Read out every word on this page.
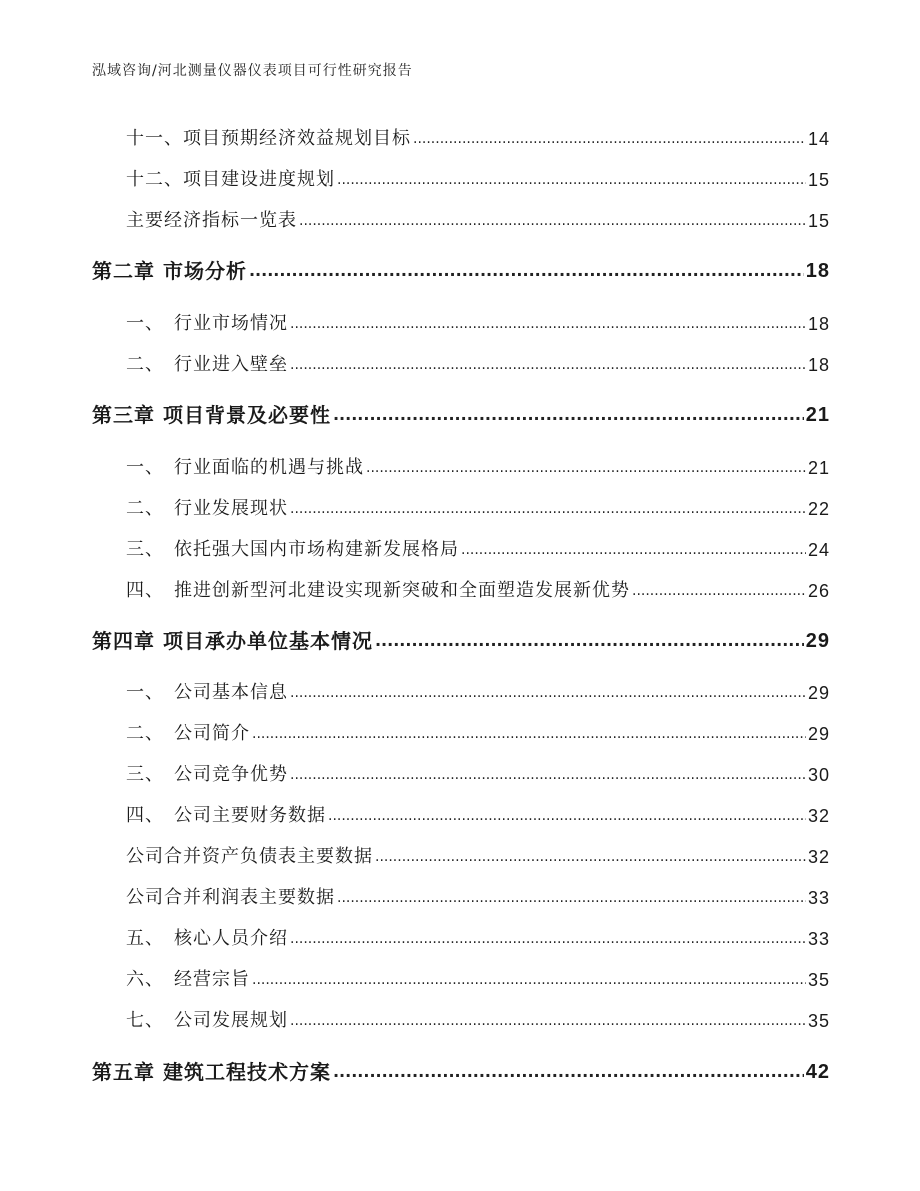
泓域咨询/河北测量仪器仪表项目可行性研究报告
十一、项目预期经济效益规划目标 .....	14
十二、项目建设进度规划 .....	15
主要经济指标一览表 .....	15
第二章 市场分析 .....	18
一、 行业市场情况 .....	18
二、 行业进入壁垒 .....	18
第三章 项目背景及必要性 .....	21
一、 行业面临的机遇与挑战 .....	21
二、 行业发展现状 .....	22
三、 依托强大国内市场构建新发展格局 .....	24
四、 推进创新型河北建设实现新突破和全面塑造发展新优势 .....	26
第四章 项目承办单位基本情况 .....	29
一、 公司基本信息 .....	29
二、 公司简介 .....	29
三、 公司竞争优势 .....	30
四、 公司主要财务数据 .....	32
公司合并资产负债表主要数据 .....	32
公司合并利润表主要数据 .....	33
五、 核心人员介绍 .....	33
六、 经营宗旨 .....	35
七、 公司发展规划 .....	35
第五章 建筑工程技术方案 .....	42
